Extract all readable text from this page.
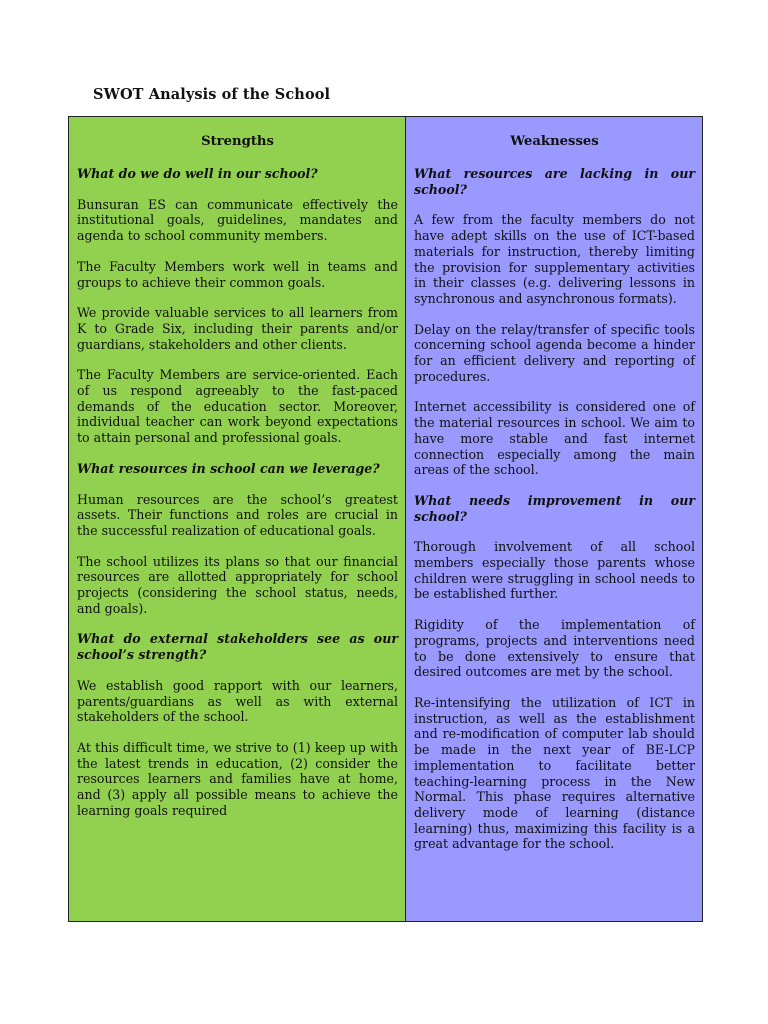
SWOT Analysis of the School
Strengths

What do we do well in our school?

Bunsuran ES can communicate effectively the institutional goals, guidelines, mandates and agenda to school community members.

The Faculty Members work well in teams and groups to achieve their common goals.

We provide valuable services to all learners from K to Grade Six, including their parents and/or guardians, stakeholders and other clients.

The Faculty Members are service-oriented. Each of us respond agreeably to the fast-paced demands of the education sector. Moreover, individual teacher can work beyond expectations to attain personal and professional goals.

What resources in school can we leverage?

Human resources are the school’s greatest assets. Their functions and roles are crucial in the successful realization of educational goals.

The school utilizes its plans so that our financial resources are allotted appropriately for school projects (considering the school status, needs, and goals).

What do external stakeholders see as our school’s strength?

We establish good rapport with our learners, parents/guardians as well as with external stakeholders of the school.

At this difficult time, we strive to (1) keep up with the latest trends in education, (2) consider the resources learners and families have at home, and (3) apply all possible means to achieve the learning goals required

Weaknesses

What resources are lacking in our school?

A few from the faculty members do not have adept skills on the use of ICT-based materials for instruction, thereby limiting the provision for supplementary activities in their classes (e.g. delivering lessons in synchronous and asynchronous formats).

Delay on the relay/transfer of specific tools concerning school agenda become a hinder for an efficient delivery and reporting of procedures.

Internet accessibility is considered one of the material resources in school. We aim to have more stable and fast internet connection especially among the main areas of the school.

What needs improvement in our school?

Thorough involvement of all school members especially those parents whose children were struggling in school needs to be established further.

Rigidity of the implementation of programs, projects and interventions need to be done extensively to ensure that desired outcomes are met by the school.

Re-intensifying the utilization of ICT in instruction, as well as the establishment and re-modification of computer lab should be made in the next year of BE-LCP implementation to facilitate better teaching-learning process in the New Normal. This phase requires alternative delivery mode of learning (distance learning) thus, maximizing this facility is a great advantage for the school.
